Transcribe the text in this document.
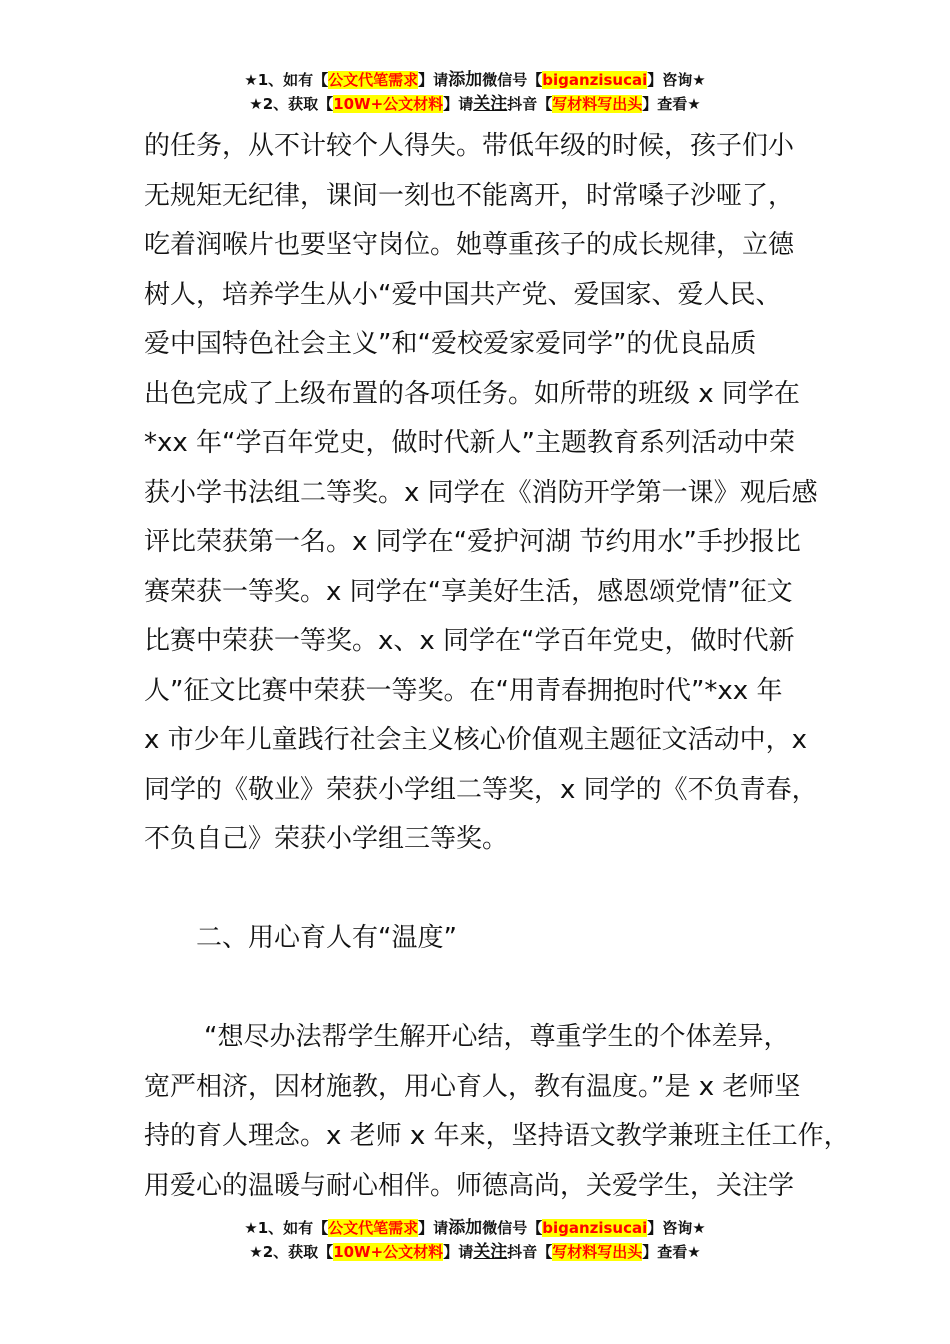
★1、如有【公文代笔需求】请添加微信号【biganzisucai】咨询★
★2、获取【10W+公文材料】请关注抖音【写材料写出头】查看★
的任务，从不计较个人得失。带低年级的时候，孩子们小
无规矩无纪律，课间一刻也不能离开，时常嗓子沙哑了，
吃着润喉片也要坚守岗位。她尊重孩子的成长规律，立德
树人，培养学生从小“爱中国共产党、爱国家、爱人民、
爱中国特色社会主义”和“爱校爱家爱同学”的优良品质
出色完成了上级布置的各项任务。如所带的班级 x 同学在
*xx 年“学百年党史，做时代新人”主题教育系列活动中荣
获小学书法组二等奖。x 同学在《消防开学第一课》观后感
评比荣获第一名。x 同学在“爱护河湖 节约用水”手抄报比
赛荣获一等奖。x 同学在“享美好生活，感恩颂党情”征文
比赛中荣获一等奖。x、x 同学在“学百年党史，做时代新
人”征文比赛中荣获一等奖。在“用青春拥抱时代”*xx 年
x 市少年儿童践行社会主义核心价值观主题征文活动中，x
同学的《敬业》荣获小学组二等奖，x 同学的《不负青春，
不负自己》荣获小学组三等奖。
二、用心育人有“温度”
“想尽办法帮学生解开心结，尊重学生的个体差异，
宽严相济，因材施教，用心育人，教有温度。”是 x 老师坚
持的育人理念。x 老师 x 年来，坚持语文教学兼班主任工作，
用爱心的温暖与耐心相伴。师德高尚，关爱学生，关注学
★1、如有【公文代笔需求】请添加微信号【biganzisucai】咨询★
★2、获取【10W+公文材料】请关注抖音【写材料写出头】查看★
